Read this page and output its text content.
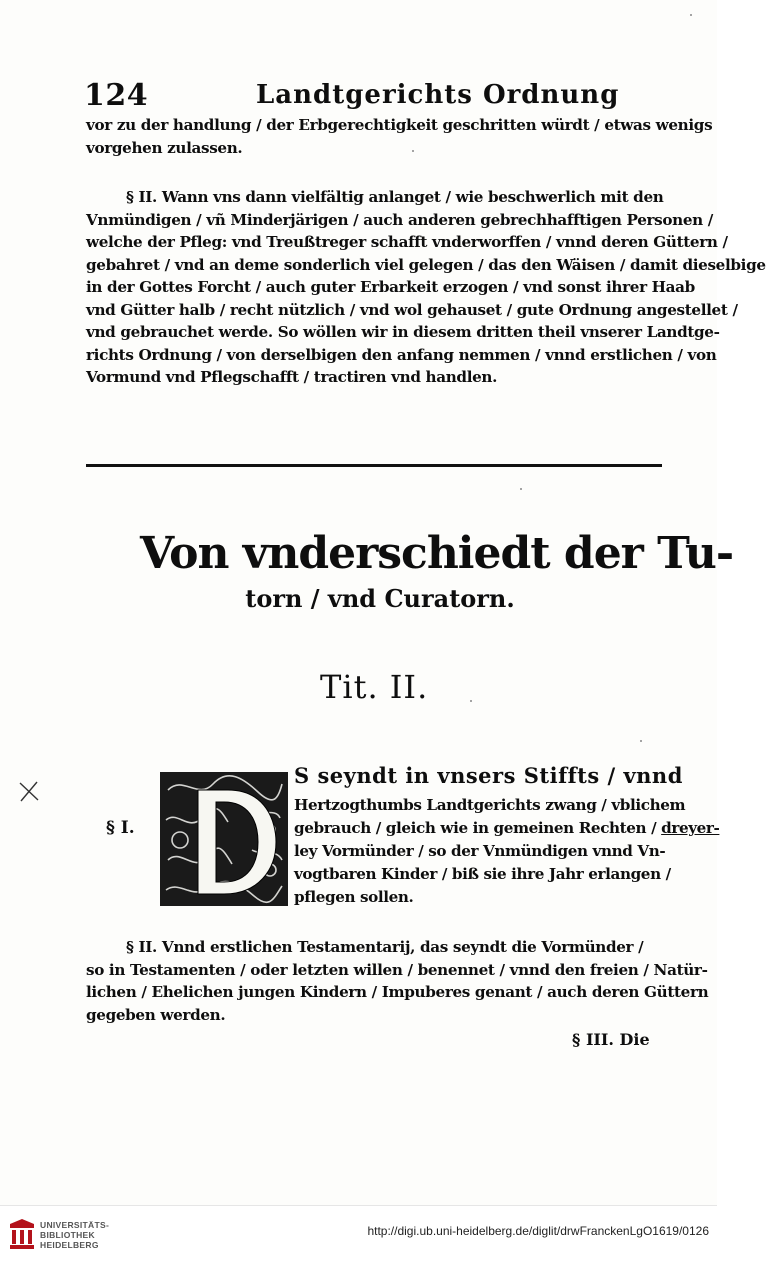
124	Landtgerichts Ordnung
vor zu der handlung / der Erbgerechtigkeit geschritten würdt / etwas wenigs
vorgehen zulassen.
§ II. Wann vns dann vielfältig anlanget / wie beschwerlich mit den
Vnmündigen / vñ Minderjärigen / auch anderen gebrechhafftigen Personen /
welche der Pfleg: vnd Treußtreger schafft vnderworffen / vnnd deren Güttern /
gebahret / vnd an deme sonderlich viel gelegen / das den Wäisen / damit dieselbige
in der Gottes Forcht / auch guter Erbarkeit erzogen / vnd sonst ihrer Haab
vnd Gütter halb / recht nützlich / vnd wol gehauset / gute Ordnung angestellet /
vnd gebrauchet werde. So wöllen wir in diesem dritten theil vnserer Landtge-
richts Ordnung / von derselbigen den anfang nemmen / vnnd erstlichen / von
Vormund vnd Pflegschafft / tractiren vnd handlen.
Von vnderschiedt der Tu-
torn / vnd Curatorn.
Tit. II.
§ I.
S seyndt in vnsers Stiffts / vnnd
Hertzogthumbs Landtgerichts zwang / vblichem
gebrauch / gleich wie in gemeinen Rechten / dreyer-
ley Vormünder / so der Vnmündigen vnnd Vn-
vogtbaren Kinder / biß sie ihre Jahr erlangen /
pflegen sollen.
§ II. Vnnd erstlichen Testamentarij, das seyndt die Vormünder /
so in Testamenten / oder letzten willen / benennet / vnnd den freien / Natür-
lichen / Ehelichen jungen Kindern / Impuberes genant / auch deren Güttern
gegeben werden.
§ III. Die
UNIVERSITÄTS-
BIBLIOTHEK
HEIDELBERG
http://digi.ub.uni-heidelberg.de/diglit/drwFranckenLgO1619/0126
